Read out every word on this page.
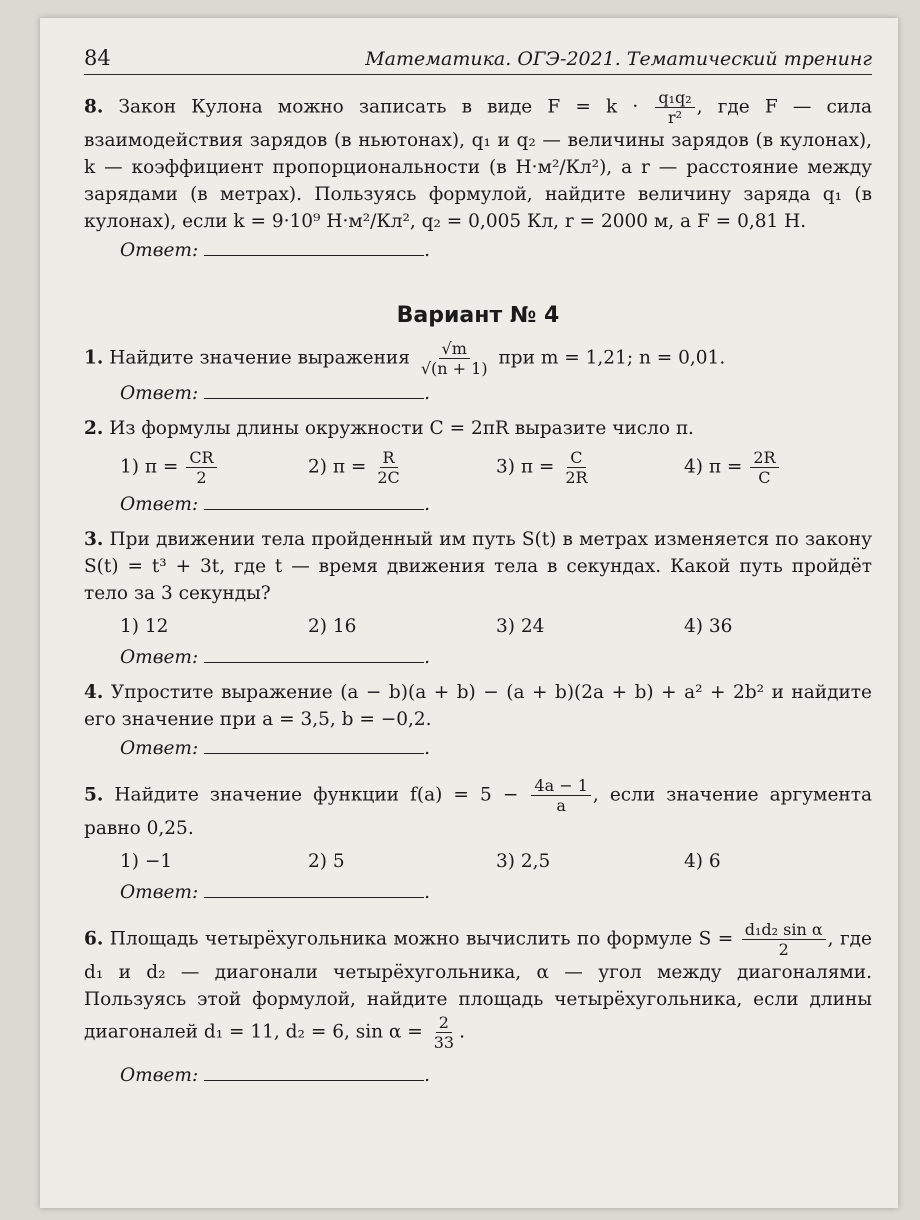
84	Математика. ОГЭ-2021. Тематический тренинг

8. Закон Кулона можно записать в виде $F = k \cdot \frac{\text{q₁q₂}}{\text{r²}}$ , где F — сила взаимодействия зарядов (в ньютонах), q₁ и q₂ — величины зарядов (в кулонах), k — коэффициент пропорциональности (в Н·м²/Кл²), а r — расстояние между зарядами (в метрах). Пользуясь формулой, найдите величину заряда q₁ (в кулонах), если k = 9·10⁹ Н·м²/Кл², q₂ = 0,005 Кл, r = 2000 м, а F = 0,81 Н.

Ответ:	.
Вариант № 4

1. Найдите значение выражения $\frac{√m}{√(n + 1)}$ при m = 1,21; n = 0,01.

Ответ:	.

2. Из формулы длины окружности C = 2πR выразите число π.

1) $\pi = \frac{CR}{2}$	2) $\pi = \frac{R}{2C}$	3) $\pi = \frac{C}{2R}$	4) $\pi = \frac{2R}{C}$
Ответ:	.

3. При движении тела пройденный им путь S(t) в метрах изменяется по закону S(t) = t³ + 3t, где t — время движения тела в секундах. Какой путь пройдёт тело за 3 секунды?

1) 12	2) 16	3) 24	4) 36
Ответ:	.

4. Упростите выражение (a − b)(a + b) − (a + b)(2a + b) + a² + 2b² и найдите его значение при a = 3,5, b = −0,2.

Ответ:	.

5. Найдите значение функции $f(a) = 5 - \frac{4a - 1}{a}$ , если значение аргумента равно 0,25.

1) −1	2) 5	3) 2,5	4) 6
Ответ:	.

6. Площадь четырёхугольника можно вычислить по формуле $S = \frac{\text{d₁d₂ sin α}}{2}$ , где d₁ и d₂ — диагонали четырёхугольника, α — угол между диагоналями. Пользуясь этой формулой, найдите площадь четырёхугольника, если длины диагоналей d₁ = 11, d₂ = 6, $\sin \alpha = \frac{2}{33}$ .

Ответ:	.
